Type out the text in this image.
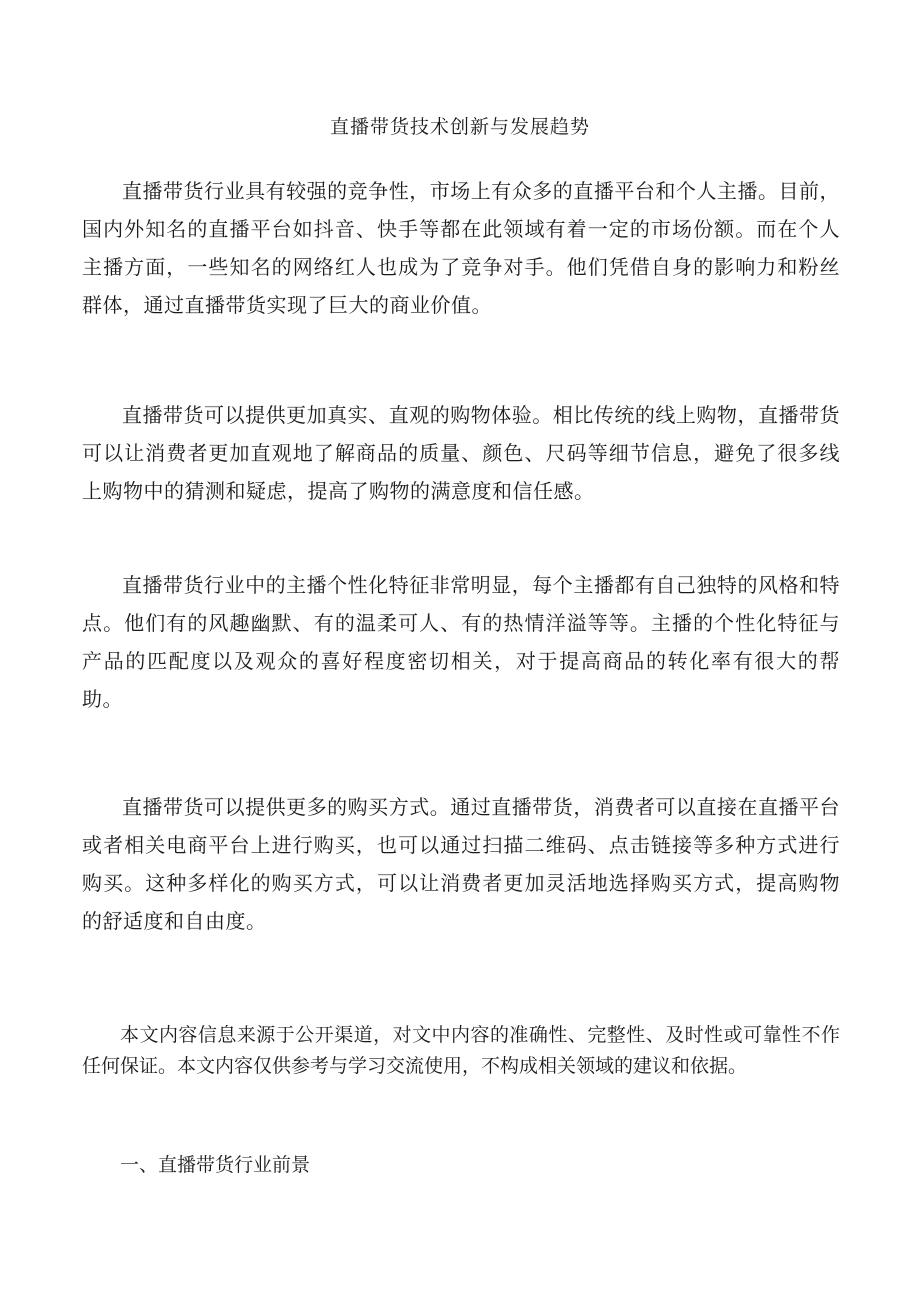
直播带货技术创新与发展趋势

直播带货行业具有较强的竞争性，市场上有众多的直播平台和个人主播。目前，国内外知名的直播平台如抖音、快手等都在此领域有着一定的市场份额。而在个人主播方面，一些知名的网络红人也成为了竞争对手。他们凭借自身的影响力和粉丝群体，通过直播带货实现了巨大的商业价值。

直播带货可以提供更加真实、直观的购物体验。相比传统的线上购物，直播带货可以让消费者更加直观地了解商品的质量、颜色、尺码等细节信息，避免了很多线上购物中的猜测和疑虑，提高了购物的满意度和信任感。

直播带货行业中的主播个性化特征非常明显，每个主播都有自己独特的风格和特点。他们有的风趣幽默、有的温柔可人、有的热情洋溢等等。主播的个性化特征与产品的匹配度以及观众的喜好程度密切相关，对于提高商品的转化率有很大的帮助。

直播带货可以提供更多的购买方式。通过直播带货，消费者可以直接在直播平台或者相关电商平台上进行购买，也可以通过扫描二维码、点击链接等多种方式进行购买。这种多样化的购买方式，可以让消费者更加灵活地选择购买方式，提高购物的舒适度和自由度。

本文内容信息来源于公开渠道，对文中内容的准确性、完整性、及时性或可靠性不作任何保证。本文内容仅供参考与学习交流使用，不构成相关领域的建议和依据。

一、直播带货行业前景
